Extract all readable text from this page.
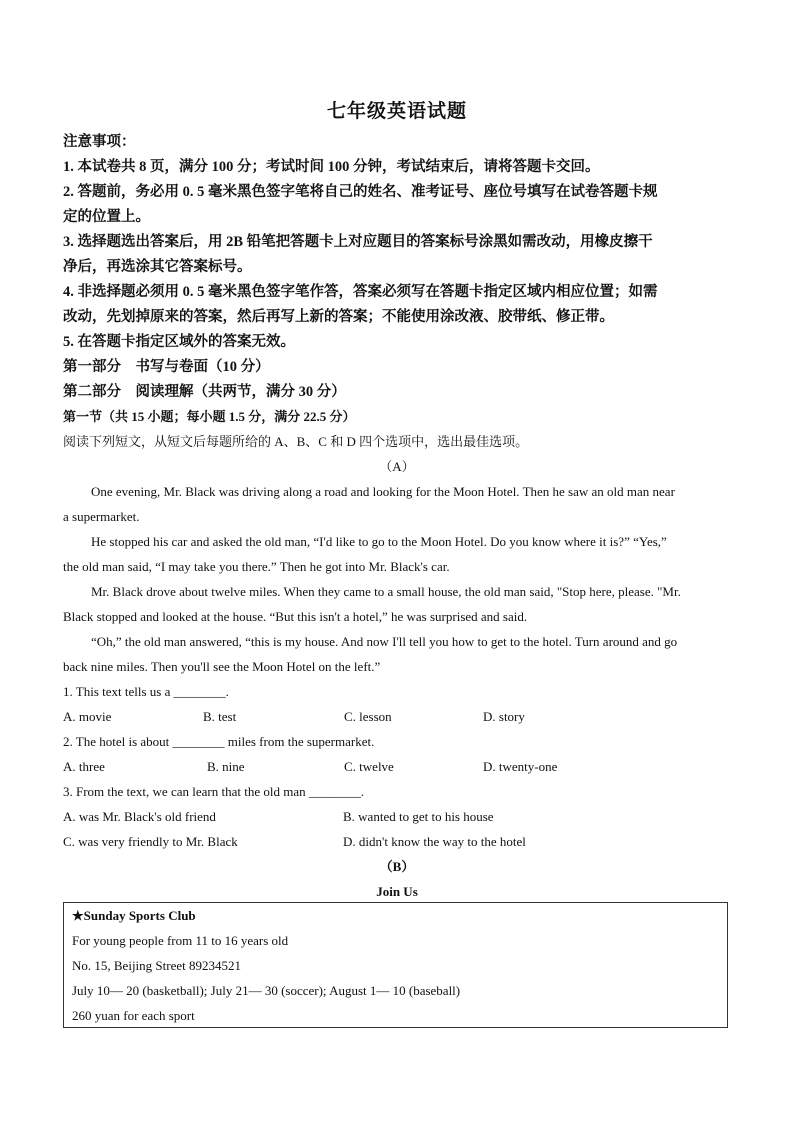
七年级英语试题
注意事项：
1. 本试卷共 8 页，满分 100 分；考试时间 100 分钟，考试结束后，请将答题卡交回。
2. 答题前，务必用 0. 5 毫米黑色签字笔将自己的姓名、准考证号、座位号填写在试卷答题卡规
定的位置上。
3. 选择题选出答案后，用 2B 铅笔把答题卡上对应题目的答案标号涂黑如需改动，用橡皮擦干
净后，再选涂其它答案标号。
4. 非选择题必须用 0. 5 毫米黑色签字笔作答，答案必须写在答题卡指定区域内相应位置；如需
改动，先划掉原来的答案，然后再写上新的答案；不能使用涂改液、胶带纸、修正带。
5. 在答题卡指定区域外的答案无效。
第一部分　书写与卷面（10 分）
第二部分　阅读理解（共两节，满分 30 分）
第一节（共 15 小题；每小题 1.5 分，满分 22.5 分）
阅读下列短文，从短文后每题所给的 A、B、C 和 D 四个选项中，选出最佳选项。
（A）
One evening, Mr. Black was driving along a road and looking for the Moon Hotel. Then he saw an old man near
a supermarket.
He stopped his car and asked the old man, “I'd like to go to the Moon Hotel. Do you know where it is?” “Yes,”
the old man said, “I may take you there.” Then he got into Mr. Black's car.
Mr. Black drove about twelve miles. When they came to a small house, the old man said, "Stop here, please. "Mr.
Black stopped and looked at the house. “But this isn't a hotel,” he was surprised and said.
“Oh,” the old man answered, “this is my house. And now I'll tell you how to get to the hotel. Turn around and go
back nine miles. Then you'll see the Moon Hotel on the left.”
1. This text tells us a ________.
A. movie	B. test	C. lesson	D. story
2. The hotel is about ________ miles from the supermarket.
A. three	B. nine	C. twelve	D. twenty-one
3. From the text, we can learn that the old man ________.
A. was Mr. Black's old friend	B. wanted to get to his house
C. was very friendly to Mr. Black	D. didn't know the way to the hotel
（B）
Join Us
★Sunday Sports Club
For young people from 11 to 16 years old
No. 15, Beijing Street 89234521
July 10— 20 (basketball); July 21— 30 (soccer); August 1— 10 (baseball)
260 yuan for each sport
